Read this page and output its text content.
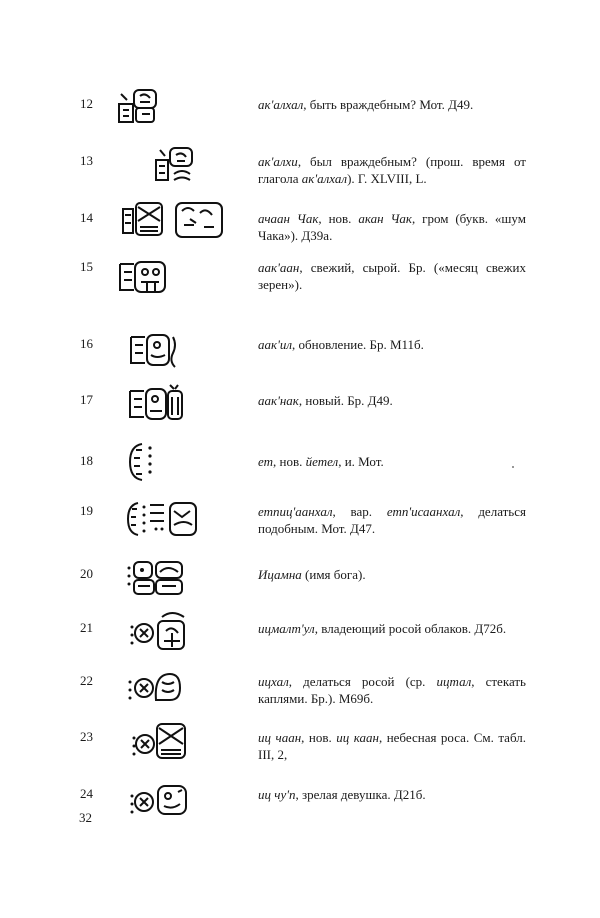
12	ак'алхал, быть враждебным? Мот. Д49.
13	ак'алхи, был враждебным? (прош. время от глагола ак'алхал). Г. XLVIII, L.
14	ачаан Чак, нов. акан Чак, гром (букв. «шум Чака»). Д39а.
15	аак'аан, свежий, сырой. Бр. («месяц свежих зерен»).
16	аак'ил, обновление. Бр. М11б.
17	аак'нак, новый. Бр. Д49.
18	ет, нов. йетел, и. Мот.
19	етпиц'аанхал, вар. етп'исаанхал, делаться подобным. Мот. Д47.
20	Ицамна (имя бога).
21	ицмалт'ул, владеющий росой облаков. Д72б.
22	ицхал, делаться росой (ср. ицтал, стекать каплями. Бр.). М69б.
23	иц чаан, нов. иц каан, небесная роса. См. табл. III, 2,
24	иц чу'п, зрелая девушка. Д21б.
32
